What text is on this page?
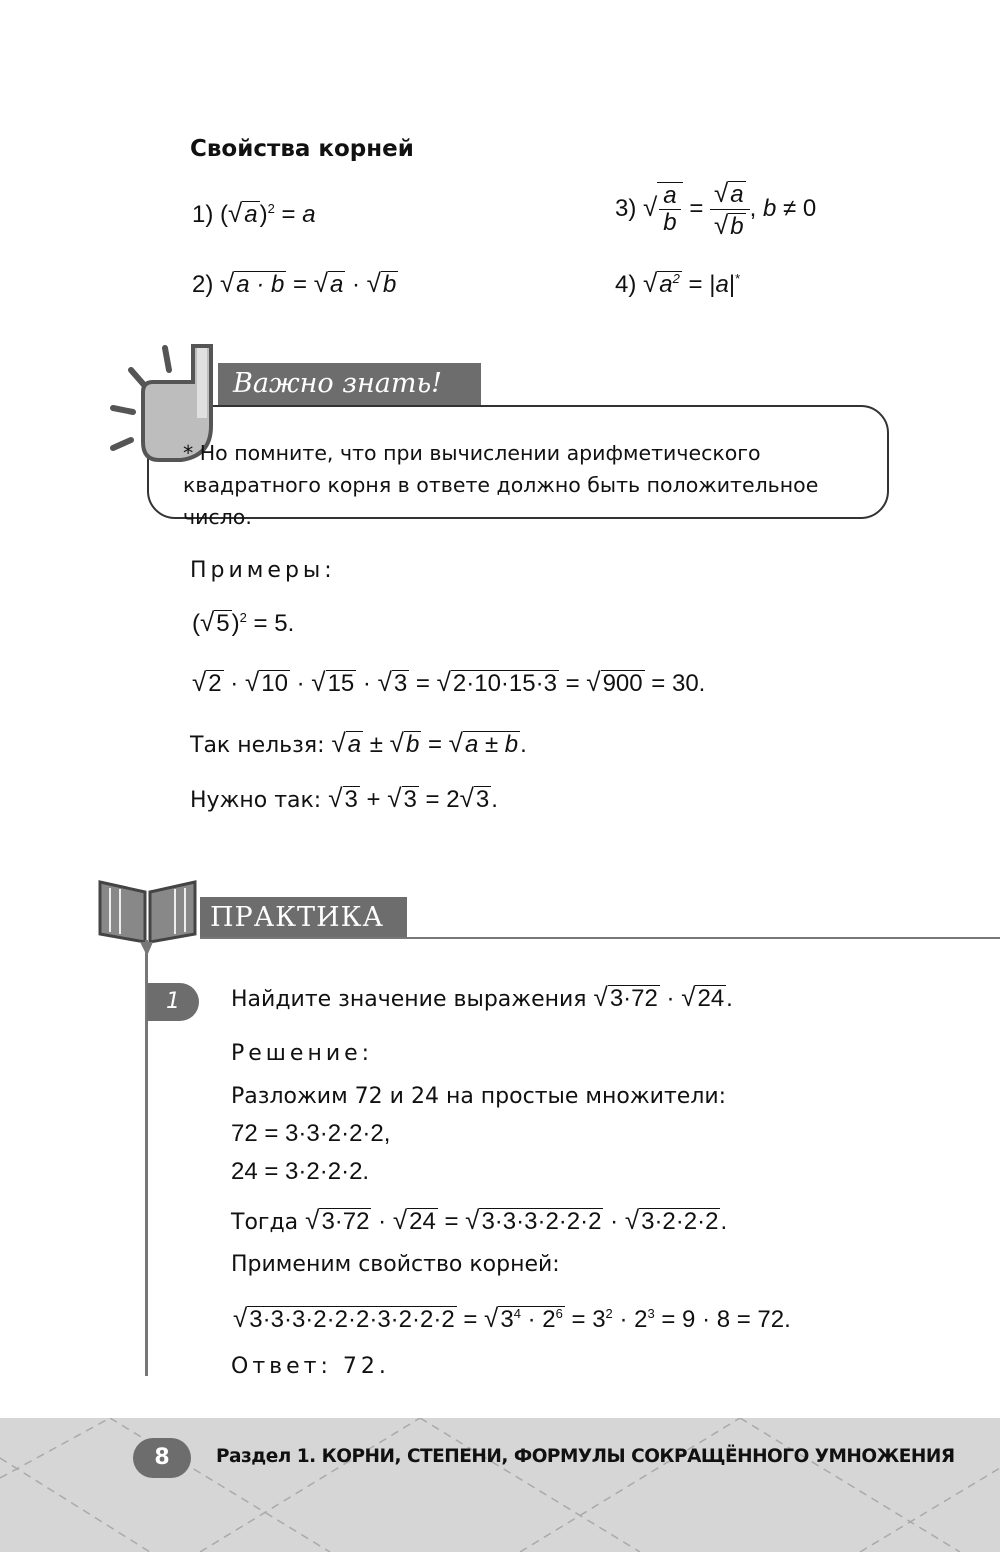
Свойства корней
1) $(√a)^2 = a$
2) √a · b = √a · √b
3) √ $\frac{a}{b} = \frac{√a}{√b}$ , b ≠ 0
4) $√a^2 = |a|^*$
Важно знать!
* Но помните, что при вычислении арифметического квадратного корня в ответе должно быть положительное число.
Примеры:
$(√5)^2 = 5$.
√2 · √10 · √15 · √3 = √2·10·15·3 = √900 = 30.
Так нельзя: √a ± √b = √a ± b.
Нужно так: √3 + √3 = 2√3.
ПРАКТИКА
1	Найдите значение выражения √3·72 · √24.
Решение:
Разложим 72 и 24 на простые множители:
72 = 3·3·2·2·2,
24 = 3·2·2·2.
Тогда √3·72 · √24 = √3·3·3·2·2·2 · √3·2·2·2.
Применим свойство корней:
$√3\cdot 3\cdot 3\cdot 2\cdot 2\cdot 2\cdot 3\cdot 2\cdot 2\cdot 2 = √3^4 \cdot 2^6 = 3^2 \cdot 2^3 = 9 \cdot 8 = 72$.
Ответ: 72.
8	Раздел 1. КОРНИ, СТЕПЕНИ, ФОРМУЛЫ СОКРАЩЁННОГО УМНОЖЕНИЯ
